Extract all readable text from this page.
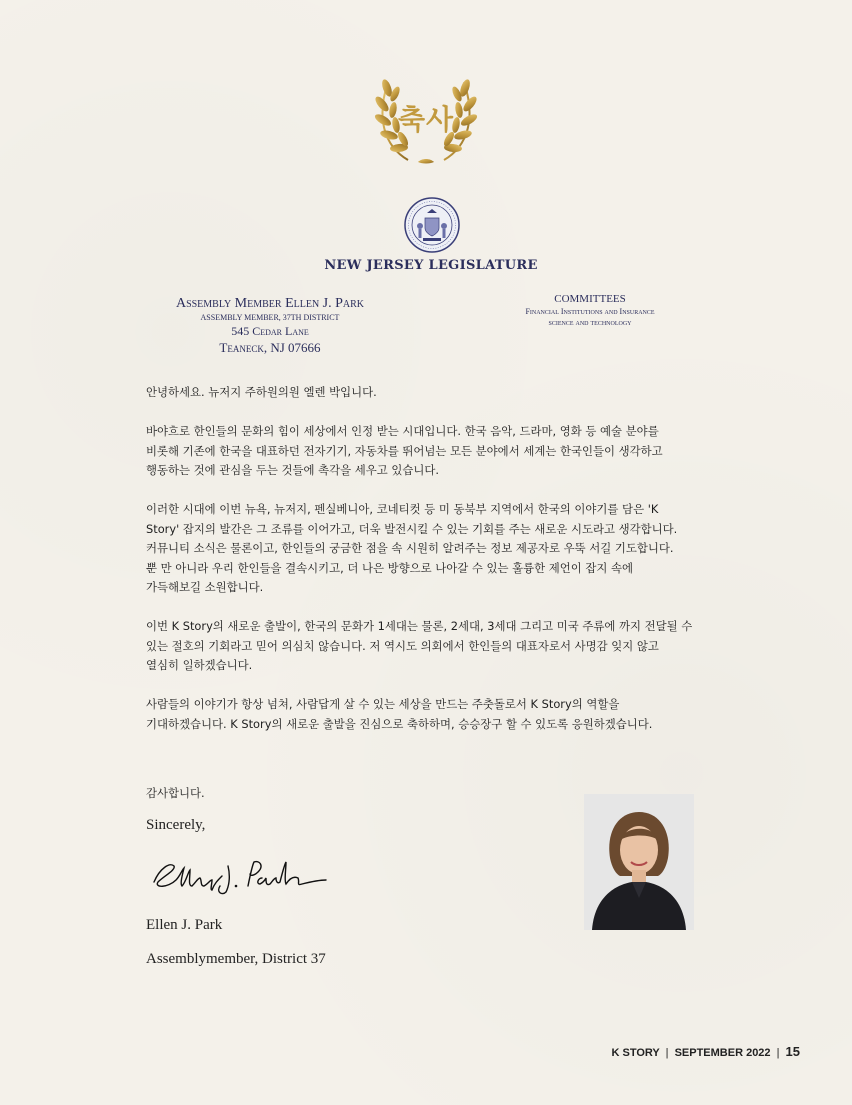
축사
NEW JERSEY LEGISLATURE
Assembly Member Ellen J. Park
ASSEMBLY MEMBER, 37TH DISTRICT
545 Cedar Lane
Teaneck, NJ 07666
COMMITTEES
Financial Institutions and Insurance
science and technology

안녕하세요. 뉴저지 주하원의원 엘렌 박입니다.

바야흐로 한인들의 문화의 힘이 세상에서 인정 받는 시대입니다. 한국 음악, 드라마, 영화 등 예술 분야를
비롯해 기존에 한국을 대표하던 전자기기, 자동차를 뛰어넘는 모든 분야에서 세계는 한국인들이 생각하고
행동하는 것에 관심을 두는 것들에 촉각을 세우고 있습니다.

이러한 시대에 이번 뉴욕, 뉴저지, 펜실베니아, 코네티컷 등 미 동북부 지역에서 한국의 이야기를 담은 'K
Story' 잡지의 발간은 그 조류를 이어가고, 더욱 발전시킬 수 있는 기회를 주는 새로운 시도라고 생각합니다.
커뮤니티 소식은 물론이고, 한인들의 궁금한 점을 속 시원히 알려주는 정보 제공자로 우뚝 서길 기도합니다.
뿐 만 아니라 우리 한인들을 결속시키고, 더 나은 방향으로 나아갈 수 있는 훌륭한 제언이 잡지 속에
가득해보길 소원합니다.

이번 K Story의 새로운 출발이, 한국의 문화가 1세대는 물론, 2세대, 3세대 그리고 미국 주류에 까지 전달될 수
있는 절호의 기회라고 믿어 의심치 않습니다. 저 역시도 의회에서 한인들의 대표자로서 사명감 잊지 않고
열심히 일하겠습니다.

사람들의 이야기가 항상 넘쳐, 사람답게 살 수 있는 세상을 만드는 주춧돌로서 K Story의 역할을
기대하겠습니다. K Story의 새로운 출발을 진심으로 축하하며, 승승장구 할 수 있도록 응원하겠습니다.

감사합니다.
Sincerely,
Ellen J. Park
Assemblymember, District 37
K STORY | SEPTEMBER 2022 | 15
